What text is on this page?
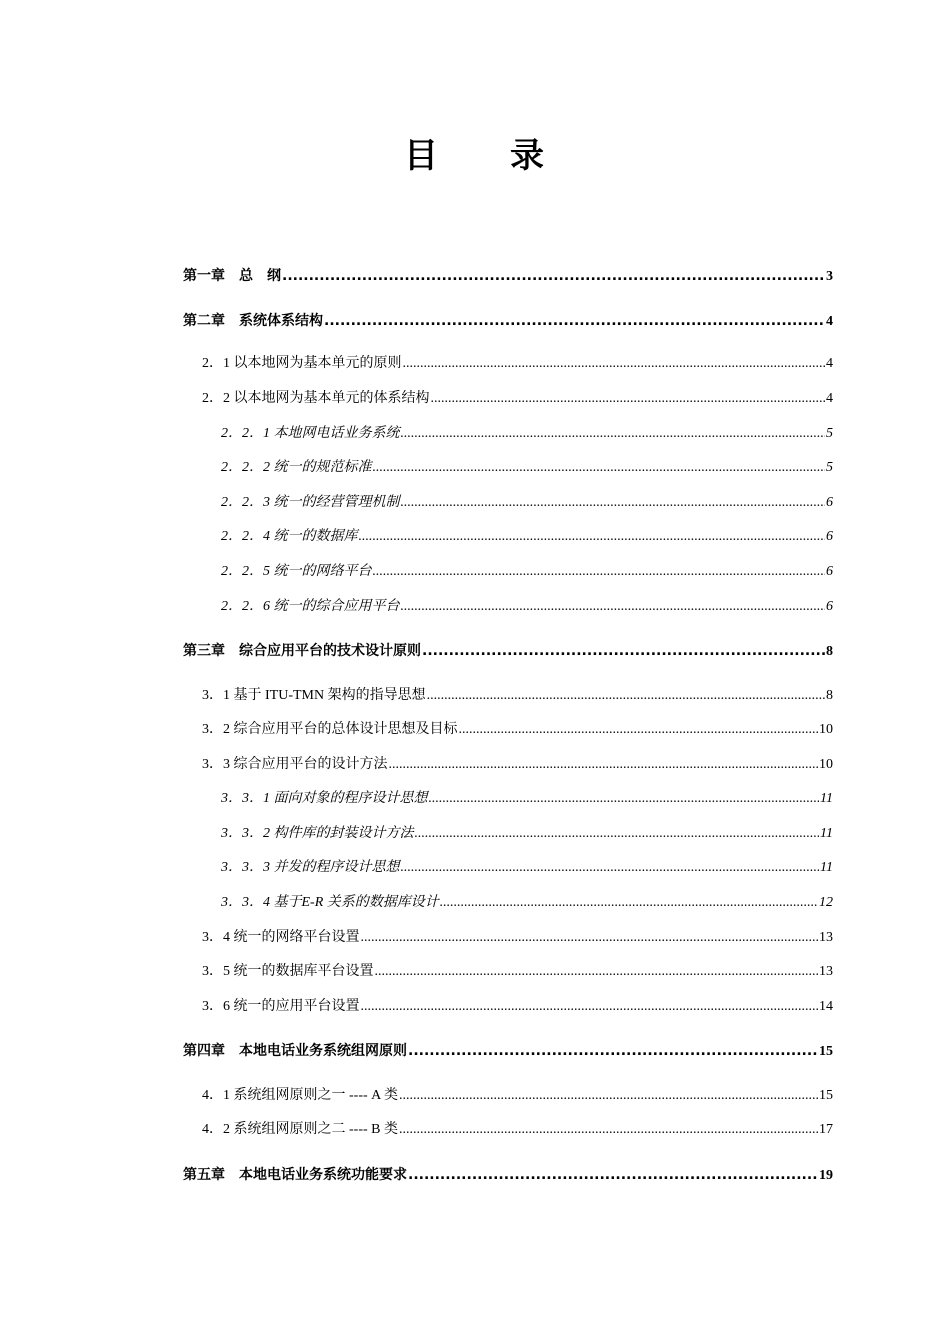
目 录
第一章　总　纲 .....	3
第二章　系统体系结构 .....	4
2．1 以本地网为基本单元的原则 .....	4
2．2 以本地网为基本单元的体系结构 .....	4
2．2．1 本地网电话业务系统 .....	5
2．2．2 统一的规范标准 .....	5
2．2．3 统一的经营管理机制 .....	6
2．2．4 统一的数据库 .....	6
2．2．5 统一的网络平台 .....	6
2．2．6 统一的综合应用平台 .....	6
第三章　综合应用平台的技术设计原则 .....	8
3．1 基于 ITU-TMN 架构的指导思想 .....	8
3．2 综合应用平台的总体设计思想及目标 .....	10
3．3 综合应用平台的设计方法 .....	10
3．3．1 面向对象的程序设计思想 .....	11
3．3．2 构件库的封装设计方法 .....	11
3．3．3 并发的程序设计思想 .....	11
3．3．4 基于E-R 关系的数据库设计 .....	12
3．4 统一的网络平台设置 .....	13
3．5 统一的数据库平台设置 .....	13
3．6 统一的应用平台设置 .....	14
第四章　本地电话业务系统组网原则 .....	15
4．1 系统组网原则之一 ---- A 类 .....	15
4．2 系统组网原则之二 ---- B 类 .....	17
第五章　本地电话业务系统功能要求 .....	19
